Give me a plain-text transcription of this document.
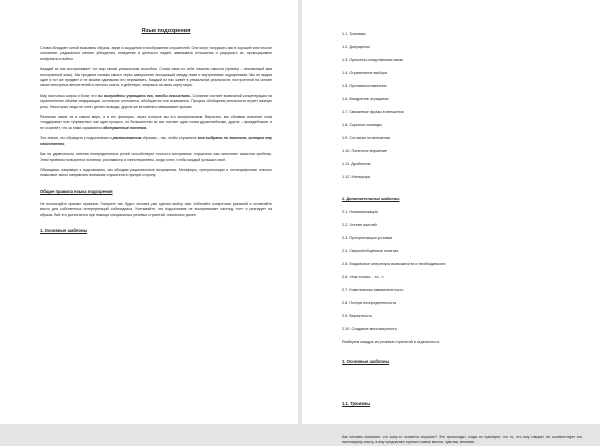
Язык подозрения

Слова обладают силой вызывать образы, звуки и ощущения в воображении слушателей. Они могут погружать нас в хорошее или плохое состояние, радикально менять убеждения, поведение и ценности людей, завязывать отношения и разрушать их, провоцировать конфликты и войны.

Каждый из нас воспринимает тот мир своим уникальным способом. Слова сами по себе лишены смысла (пример – незнакомый вам иностранный язык). Мы придаем словам смысл через завершение ассоциаций между ними и внутренними ощущениями. Мы не видим один и тот же предмет и не можем одинаково его переживать. Каждый из нас живёт в уникальной реальности, построенной на основе своих сенсорных впечатлений и личного опыта, и действует, опираясь на свою карту мира.

Мир настолько широк и богат, что мы вынуждены упрощать его, чтобы осмыслить. Сознание считает возможной концентрацию на ограниченном объёме информации, остальное отсекается, обобщается или искажается. Процесс обобщения реальности играет важную роль. Некоторые люди не хотят делать выводы, другие же мгновенно навешивают ярлыки.

Различия лежат не в самом мире, а в тех фильтрах, через которые мы его воспринимаем. Вероятно, мы обьявим значение слов «поддержка» или «упрямство» как один процесс, но большинство из нас считает одни слова дружелюбными, другие – враждебными, и не осознаёт, что за ними скрываются абстрактные понятия.

Это значит, что обращать к подсознанию и расплывчатым образам – так, чтобы слушатель мог выбрать по значению, которое ему свойственно.

Как ни удивительно, мнения неопределенных речей способствуют точности восприятия: слушатель сам заполняет смыслом пробелы. Этим приёмом пользуются политики, рекламисты и гипнотерапевты, когда хотят, чтобы каждый услышал своё.

Обращаясь напрямую к подсознанию, мы обходим рациональные возражения. Метафоры, пресуппозиции и неспецифичные глаголы позволяют мягко направлять внимание слушателя в нужную сторону.

Общие правила языка подозрения

Не используйте прямых приказов. Говорите так, будто человек уже сделал выбор сам. Избегайте конкретных указаний и оставляйте место для собственных интерпретаций собеседника. Учитывайте, что подсознание не воспринимает частицу «не» и реагирует на образы. Всё это достигается при помощи специальных речевых стратегий, описанных далее.

1. Основные шаблоны
1.1. Трюизмы
1.2. Допущения
1.3. Причинно-следственная связь
1.4. Ограничение выбора
1.5. Противопоставление
1.6. Внедрение отрицания
1.7. Связанные фразы в внешении
1.8. Скрытые команды
1.9. Согласие по внешении
1.10. Понятное внушение
1.11. Дробление
1.12. Метафора
2. Дополнительные шаблоны
2.1. Номинализация
2.2. Чтение мыслей
2.3. Пресуппозиция условии
2.4. Сверхобобщённые понятия
2.5. Модальные операторы возможности и необходимости
2.6. «Как только... то...»
2.7. Комплексная эквивалентность
2.8. Потеря неопределенности
2.9. Вероятность
2.10. Создание многомерности
Разберем каждую из речевых стратегий в отдельности.
1. Основные шаблоны
1.1. Трюизмы

Как человек понимает, что кому-то пытается внушить? Это происходит, когда он чувствует, что то, что ему говорят, не соответствует его настоящему опыту, а ему предлагают принять новые мысли, чувства, желания.
